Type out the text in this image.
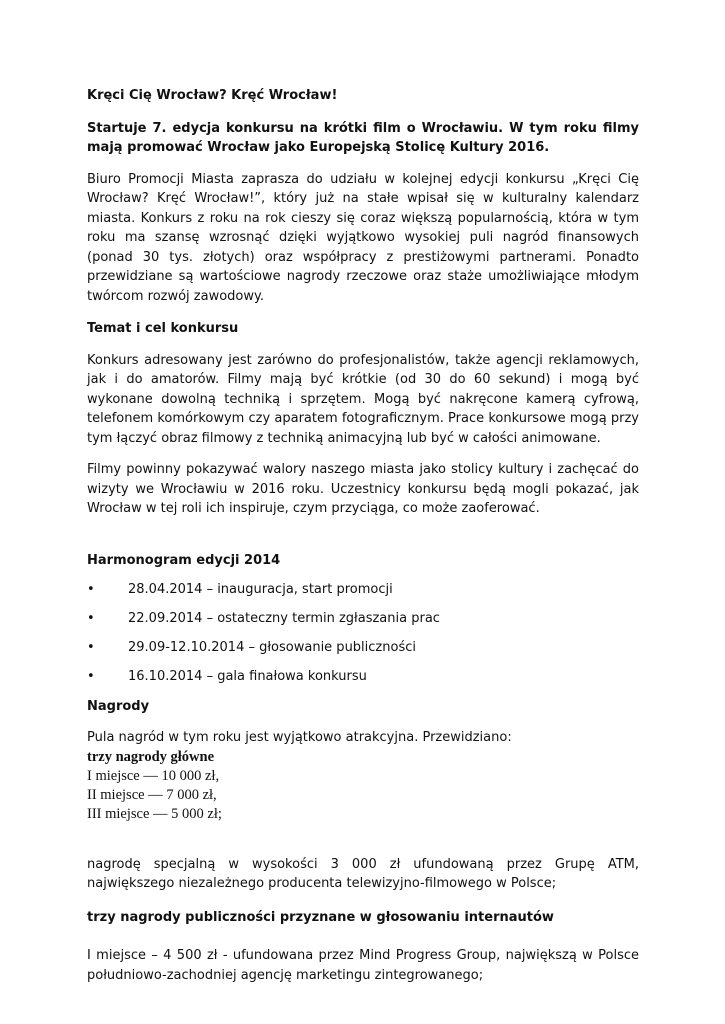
Kręci Cię Wrocław? Kręć Wrocław!

Startuje 7. edycja konkursu na krótki film o Wrocławiu. W tym roku filmy mają promować Wrocław jako Europejską Stolicę Kultury 2016.

Biuro Promocji Miasta zaprasza do udziału w kolejnej edycji konkursu „Kręci Cię Wrocław? Kręć Wrocław!”, który już na stałe wpisał się w kulturalny kalendarz miasta. Konkurs z roku na rok cieszy się coraz większą popularnością, która w tym roku ma szansę wzrosnąć dzięki wyjątkowo wysokiej puli nagród finansowych (ponad 30 tys. złotych) oraz współpracy z prestiżowymi partnerami. Ponadto przewidziane są wartościowe nagrody rzeczowe oraz staże umożliwiające młodym twórcom rozwój zawodowy.

Temat i cel konkursu

Konkurs adresowany jest zarówno do profesjonalistów, także agencji reklamowych, jak i do amatorów. Filmy mają być krótkie (od 30 do 60 sekund) i mogą być wykonane dowolną techniką i sprzętem. Mogą być nakręcone kamerą cyfrową, telefonem komórkowym czy aparatem fotograficznym. Prace konkursowe mogą przy tym łączyć obraz filmowy z techniką animacyjną lub być w całości animowane.

Filmy powinny pokazywać walory naszego miasta jako stolicy kultury i zachęcać do wizyty we Wrocławiu w 2016 roku. Uczestnicy konkursu będą mogli pokazać, jak Wrocław w tej roli ich inspiruje, czym przyciąga, co może zaoferować.

Harmonogram edycji 2014

•	28.04.2014 – inauguracja, start promocji
•	22.09.2014 – ostateczny termin zgłaszania prac
•	29.09-12.10.2014 – głosowanie publiczności
•	16.10.2014 – gala finałowa konkursu

Nagrody

Pula nagród w tym roku jest wyjątkowo atrakcyjna. Przewidziano:

trzy nagrody główne

I miejsce — 10 000 zł,

II miejsce — 7 000 zł,

III miejsce — 5 000 zł;

nagrodę specjalną w wysokości 3 000 zł ufundowaną przez Grupę ATM, największego niezależnego producenta telewizyjno-filmowego w Polsce;

trzy nagrody publiczności przyznane w głosowaniu internautów

I miejsce – 4 500 zł - ufundowana przez Mind Progress Group, największą w Polsce południowo-zachodniej agencję marketingu zintegrowanego;
